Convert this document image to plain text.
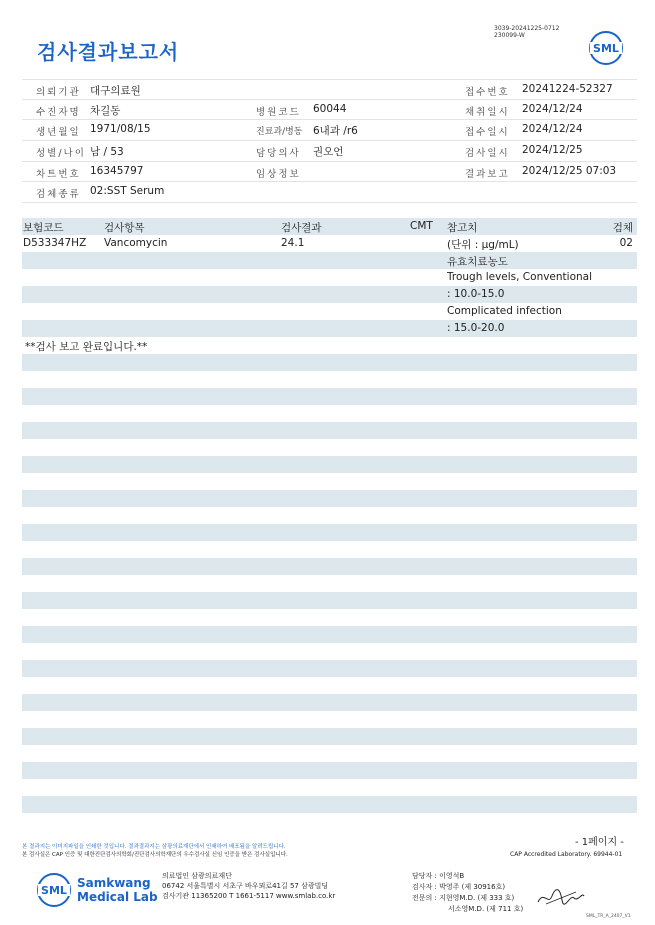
검사결과보고서
3039-20241225-0712
230099-W
SML
의뢰기관 대구의료원	접수번호 20241224-52327
수진자명 차길동	병원코드 60044	채취일시 2024/12/24
생년월일 1971/08/15	진료과/병동 6내과 /r6	접수일시 2024/12/24
성별/나이 남 / 53	담당의사 권오언	검사일시 2024/12/25
차트번호 16345797	임상정보	결과보고 2024/12/25 07:03
검체종류 02:SST Serum
보험코드	검사항목	검사결과	CMT 참고치	검체
D533347HZ Vancomycin	24.1	(단위 : μg/mL)	02
유효치료농도
Trough levels, Conventional
: 10.0-15.0
Complicated infection
: 15.0-20.0
**검사 보고 완료입니다.**
- 1페이지 -
본 결과지는 이미지파일을 인쇄한 것입니다. 결과결과지는 삼광의료재단에서 인쇄하여 배포됨을 알려드립니다.
본 검사실은 CAP 인증 및 대한진단검사의학회/진단검사의학재단의 우수검사실 신임 인증을 받은 검사실입니다.	CAP Accredited Laboratory. 69944-01
SML
Samkwang
Medical Lab
의료법인 삼광의료재단
06742 서울특별시 서초구 바우뫼로41길 57 삼광빌딩
검사기관 11365200 T 1661-5117 www.smlab.co.kr
담당자 : 이영석B
검사자 : 박영주 (제 30916호)
전문의 : 지현영M.D. (제 333 호)
서소영M.D. (제 711 호)
SML_TR_A_2407_V1
